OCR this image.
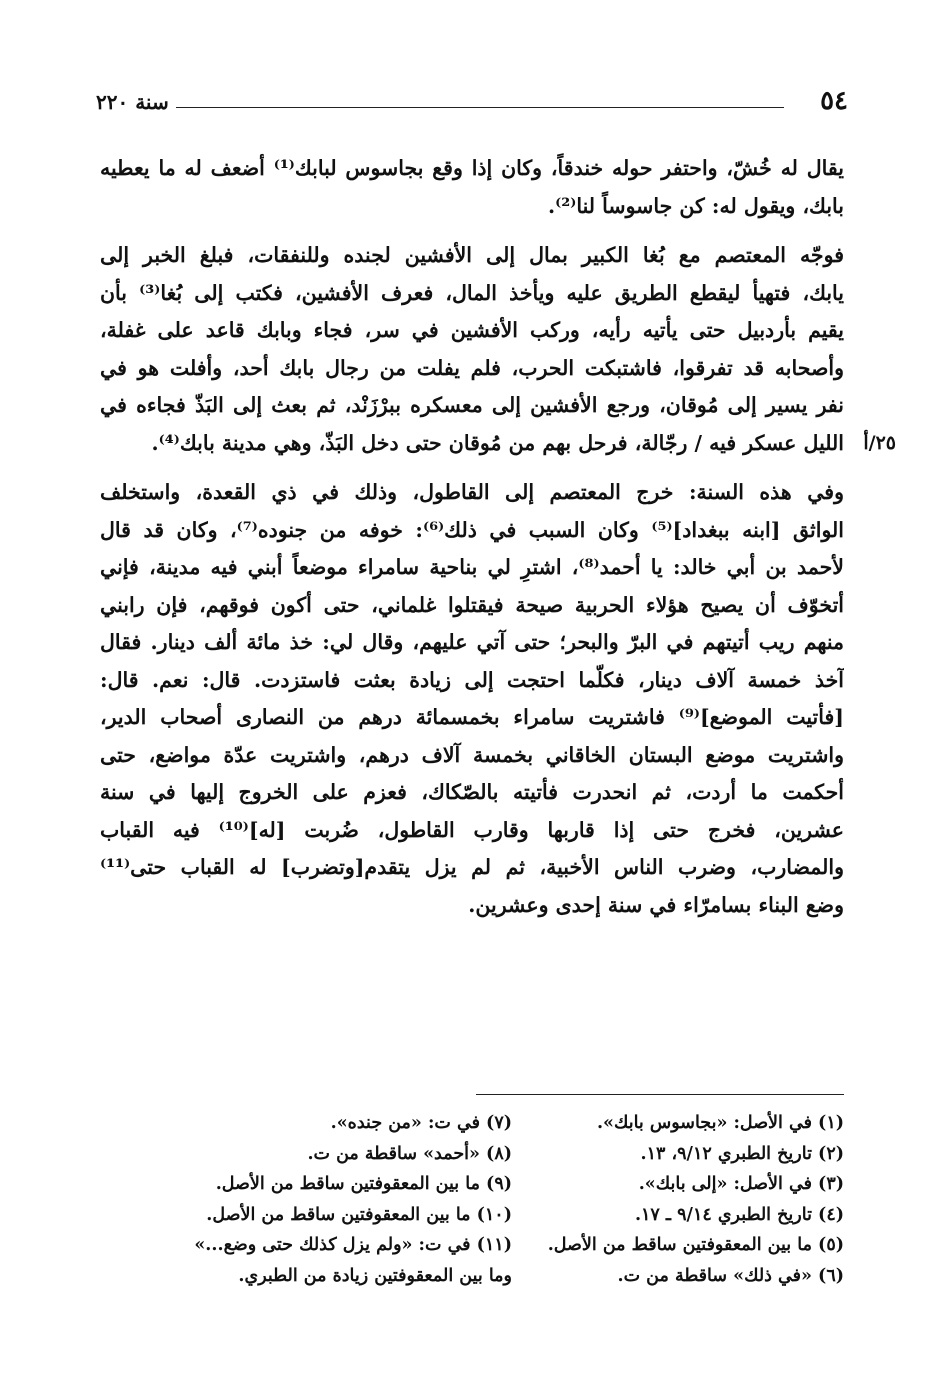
٥٤
سنة ٢٢٠
يقال له خُشّ، واحتفر حوله خندقاً، وكان إذا وقع بجاسوس لبابك⁽¹⁾ أضعف له ما يعطيه
بابك، ويقول له: كن جاسوساً لنا⁽²⁾.
فوجّه المعتصم مع بُغا الكبير بمال إلى الأفشين لجنده وللنفقات، فبلغ الخبر إلى
يابك، فتهيأ ليقطع الطريق عليه ويأخذ المال، فعرف الأفشين، فكتب إلى بُغا⁽³⁾ بأن
يقيم بأردبيل حتى يأتيه رأيه، وركب الأفشين في سر، فجاء وبابك قاعد على غفلة،
وأصحابه قد تفرقوا، فاشتبكت الحرب، فلم يفلت من رجال بابك أحد، وأفلت هو في
نفر يسير إلى مُوقان، ورجع الأفشين إلى معسكره ببرْزَنْد، ثم بعث إلى البَذّ فجاءه في
الليل عسكر فيه / رجّالة، فرحل بهم من مُوقان حتى دخل البَذّ، وهي مدينة بابك⁽⁴⁾. ٢٥/أ
وفي هذه السنة: خرج المعتصم إلى القاطول، وذلك في ذي القعدة، واستخلف
الواثق [ابنه ببغداد]⁽⁵⁾ وكان السبب في ذلك⁽⁶⁾: خوفه من جنوده⁽⁷⁾، وكان قد قال
لأحمد بن أبي خالد: يا أحمد⁽⁸⁾، اشترِ لي بناحية سامراء موضعاً أبني فيه مدينة، فإني
أتخوّف أن يصيح هؤلاء الحربية صيحة فيقتلوا غلماني، حتى أكون فوقهم، فإن رابني
منهم ريب أتيتهم في البرّ والبحر؛ حتى آتي عليهم، وقال لي: خذ مائة ألف دينار. فقال
آخذ خمسة آلاف دينار، فكلّما احتجت إلى زيادة بعثت فاستزدت. قال: نعم. قال:
[فأتيت الموضع]⁽⁹⁾ فاشتريت سامراء بخمسمائة درهم من النصارى أصحاب الدير،
واشتريت موضع البستان الخاقاني بخمسة آلاف درهم، واشتريت عدّة مواضع، حتى
أحكمت ما أردت، ثم انحدرت فأتيته بالصّكاك، فعزم على الخروج إليها في سنة
عشرين، فخرج حتى إذا قاربها وقارب القاطول، ضُربت [له]⁽¹⁰⁾ فيه القباب
والمضارب، وضرب الناس الأخبية، ثم لم يزل يتقدم[وتضرب] له القباب حتى⁽¹¹⁾
وضع البناء بسامرّاء في سنة إحدى وعشرين.
(١) في الأصل: «بجاسوس بابك».
(٢) تاريخ الطبري ٩/١٢، ١٣.
(٣) في الأصل: «إلى بابك».
(٤) تاريخ الطبري ٩/١٤ ـ ١٧.
(٥) ما بين المعقوفتين ساقط من الأصل.
(٦) «في ذلك» ساقطة من ت.
(٧) في ت: «من جنده».
(٨) «أحمد» ساقطة من ت.
(٩) ما بين المعقوفتين ساقط من الأصل.
(١٠) ما بين المعقوفتين ساقط من الأصل.
(١١) في ت: «ولم يزل كذلك حتى وضع...»
وما بين المعقوفتين زيادة من الطبري.
